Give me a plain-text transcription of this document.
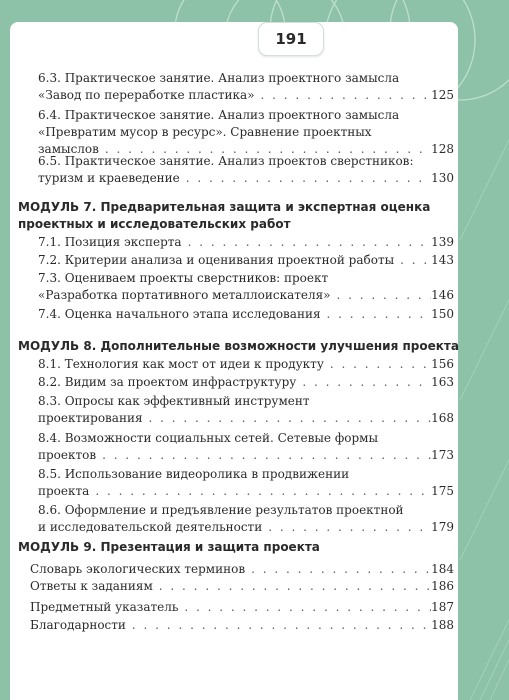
191
6.3. Практическое занятие. Анализ проектного замысла
«Завод по переработке пластика» . . .	125
6.4. Практическое занятие. Анализ проектного замысла
«Превратим мусор в ресурс». Сравнение проектных
замыслов . . .	128
6.5. Практическое занятие. Анализ проектов сверстников:
туризм и краеведение . . .	130
МОДУЛЬ 7. Предварительная защита и экспертная оценка
проектных и исследовательских работ
7.1. Позиция эксперта . . .	139
7.2. Критерии анализа и оценивания проектной работы . . .	143
7.3. Оцениваем проекты сверстников: проект
«Разработка портативного металлоискателя» . . .	146
7.4. Оценка начального этапа исследования . . .	150
МОДУЛЬ 8. Дополнительные возможности улучшения проекта
8.1. Технология как мост от идеи к продукту . . .	156
8.2. Видим за проектом инфраструктуру . . .	163
8.3. Опросы как эффективный инструмент
проектирования . . .	168
8.4. Возможности социальных сетей. Сетевые формы
проектов . . .	173
8.5. Использование видеоролика в продвижении
проекта . . .	175
8.6. Оформление и предъявление результатов проектной
и исследовательской деятельности . . .	179
МОДУЛЬ 9. Презентация и защита проекта
Словарь экологических терминов . . .	184
Ответы к заданиям . . .	186
Предметный указатель . . .	187
Благодарности . . .	188
